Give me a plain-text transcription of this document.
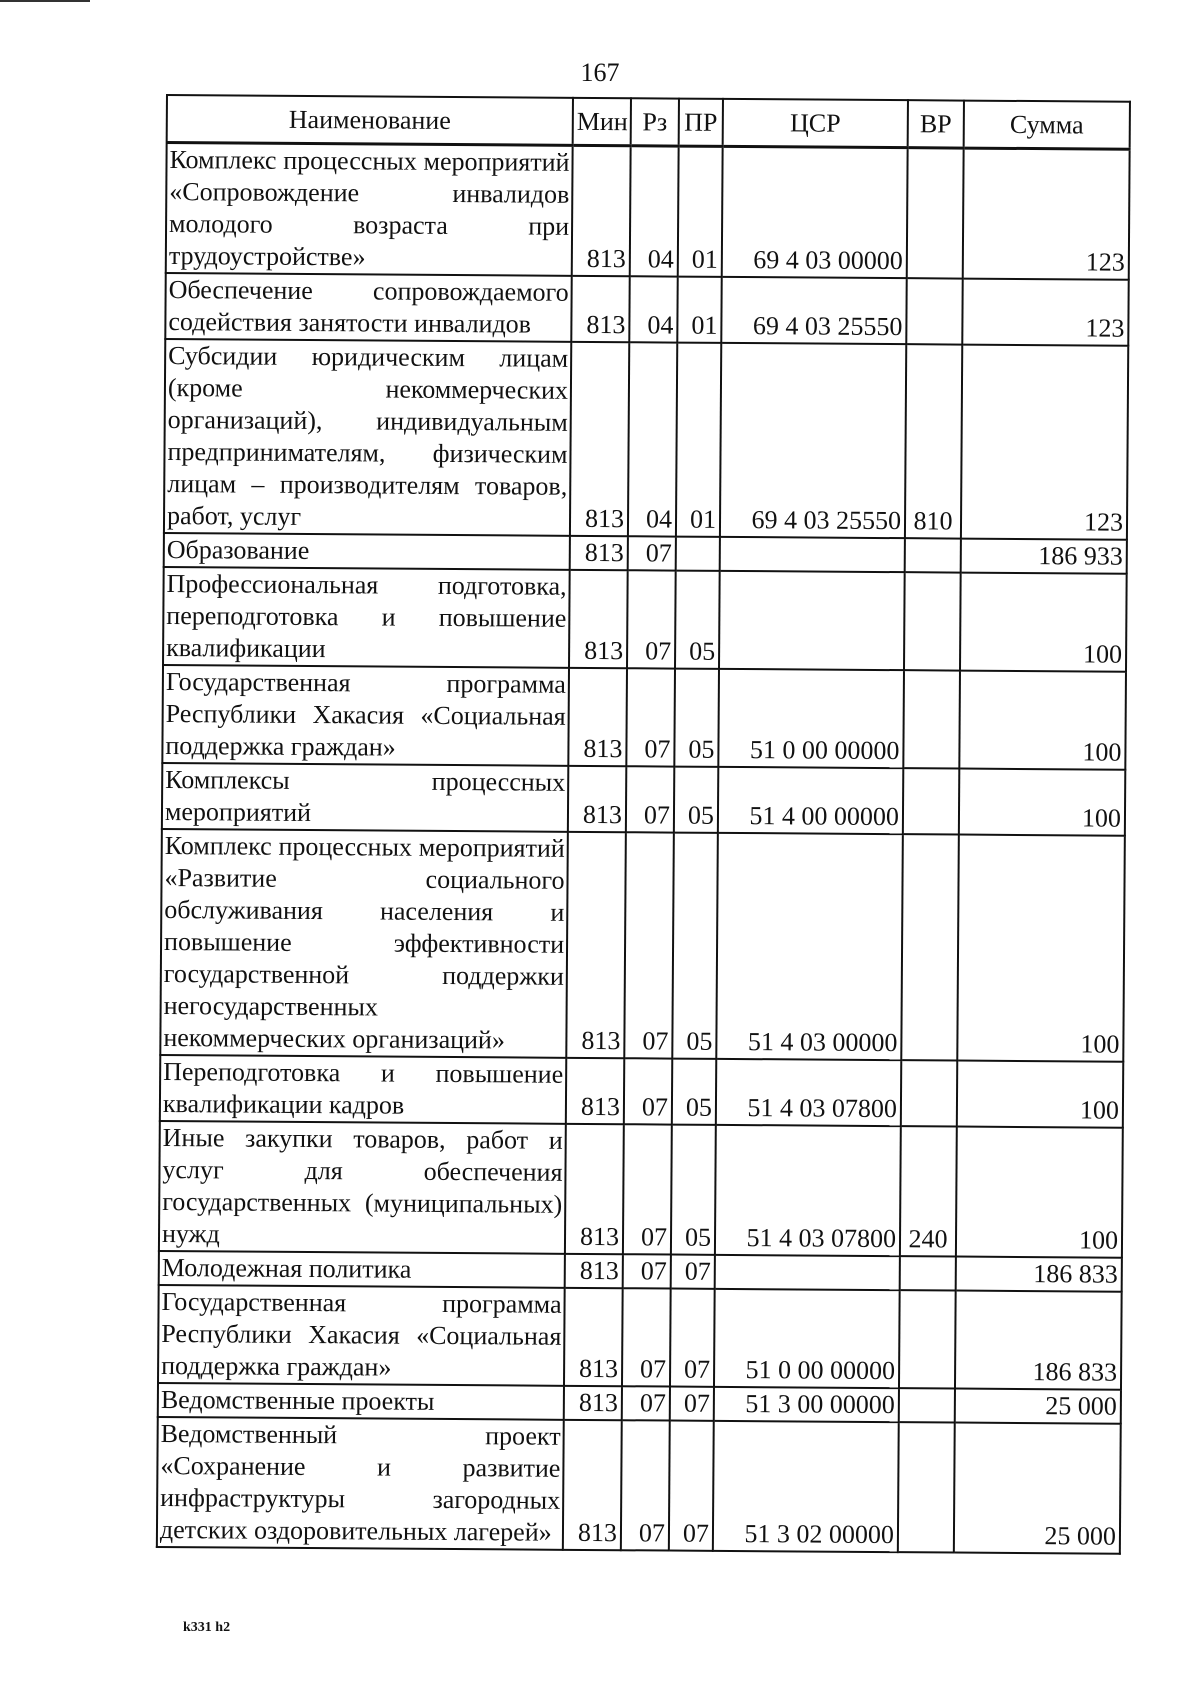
167
Наименование	Мин	Рз	ПР	ЦСР	ВР	Сумма
Комплекс процессных мероприятий «Сопровождение инвалидов молодого возраста при трудоустройстве»	813	04	01	69 4 03 00000		123
Обеспечение сопровождаемого содействия занятости инвалидов	813	04	01	69 4 03 25550		123
Субсидии юридическим лицам (кроме некоммерческих организаций), индивидуальным предпринимателям, физическим лицам – производителям товаров, работ, услуг	813	04	01	69 4 03 25550	810	123
Образование	813	07				186 933
Профессиональная подготовка, переподготовка и повышение квалификации	813	07	05			100
Государственная программа Республики Хакасия «Социальная поддержка граждан»	813	07	05	51 0 00 00000		100
Комплексы процессных мероприятий	813	07	05	51 4 00 00000		100
Комплекс процессных мероприятий «Развитие социального обслуживания населения и повышение эффективности государственной поддержки негосударственных некоммерческих организаций»	813	07	05	51 4 03 00000		100
Переподготовка и повышение квалификации кадров	813	07	05	51 4 03 07800		100
Иные закупки товаров, работ и услуг для обеспечения государственных (муниципальных) нужд	813	07	05	51 4 03 07800	240	100
Молодежная политика	813	07	07			186 833
Государственная программа Республики Хакасия «Социальная поддержка граждан»	813	07	07	51 0 00 00000		186 833
Ведомственные проекты	813	07	07	51 3 00 00000		25 000
Ведомственный проект «Сохранение и развитие инфраструктуры загородных детских оздоровительных лагерей»	813	07	07	51 3 02 00000		25 000
k331 h2
